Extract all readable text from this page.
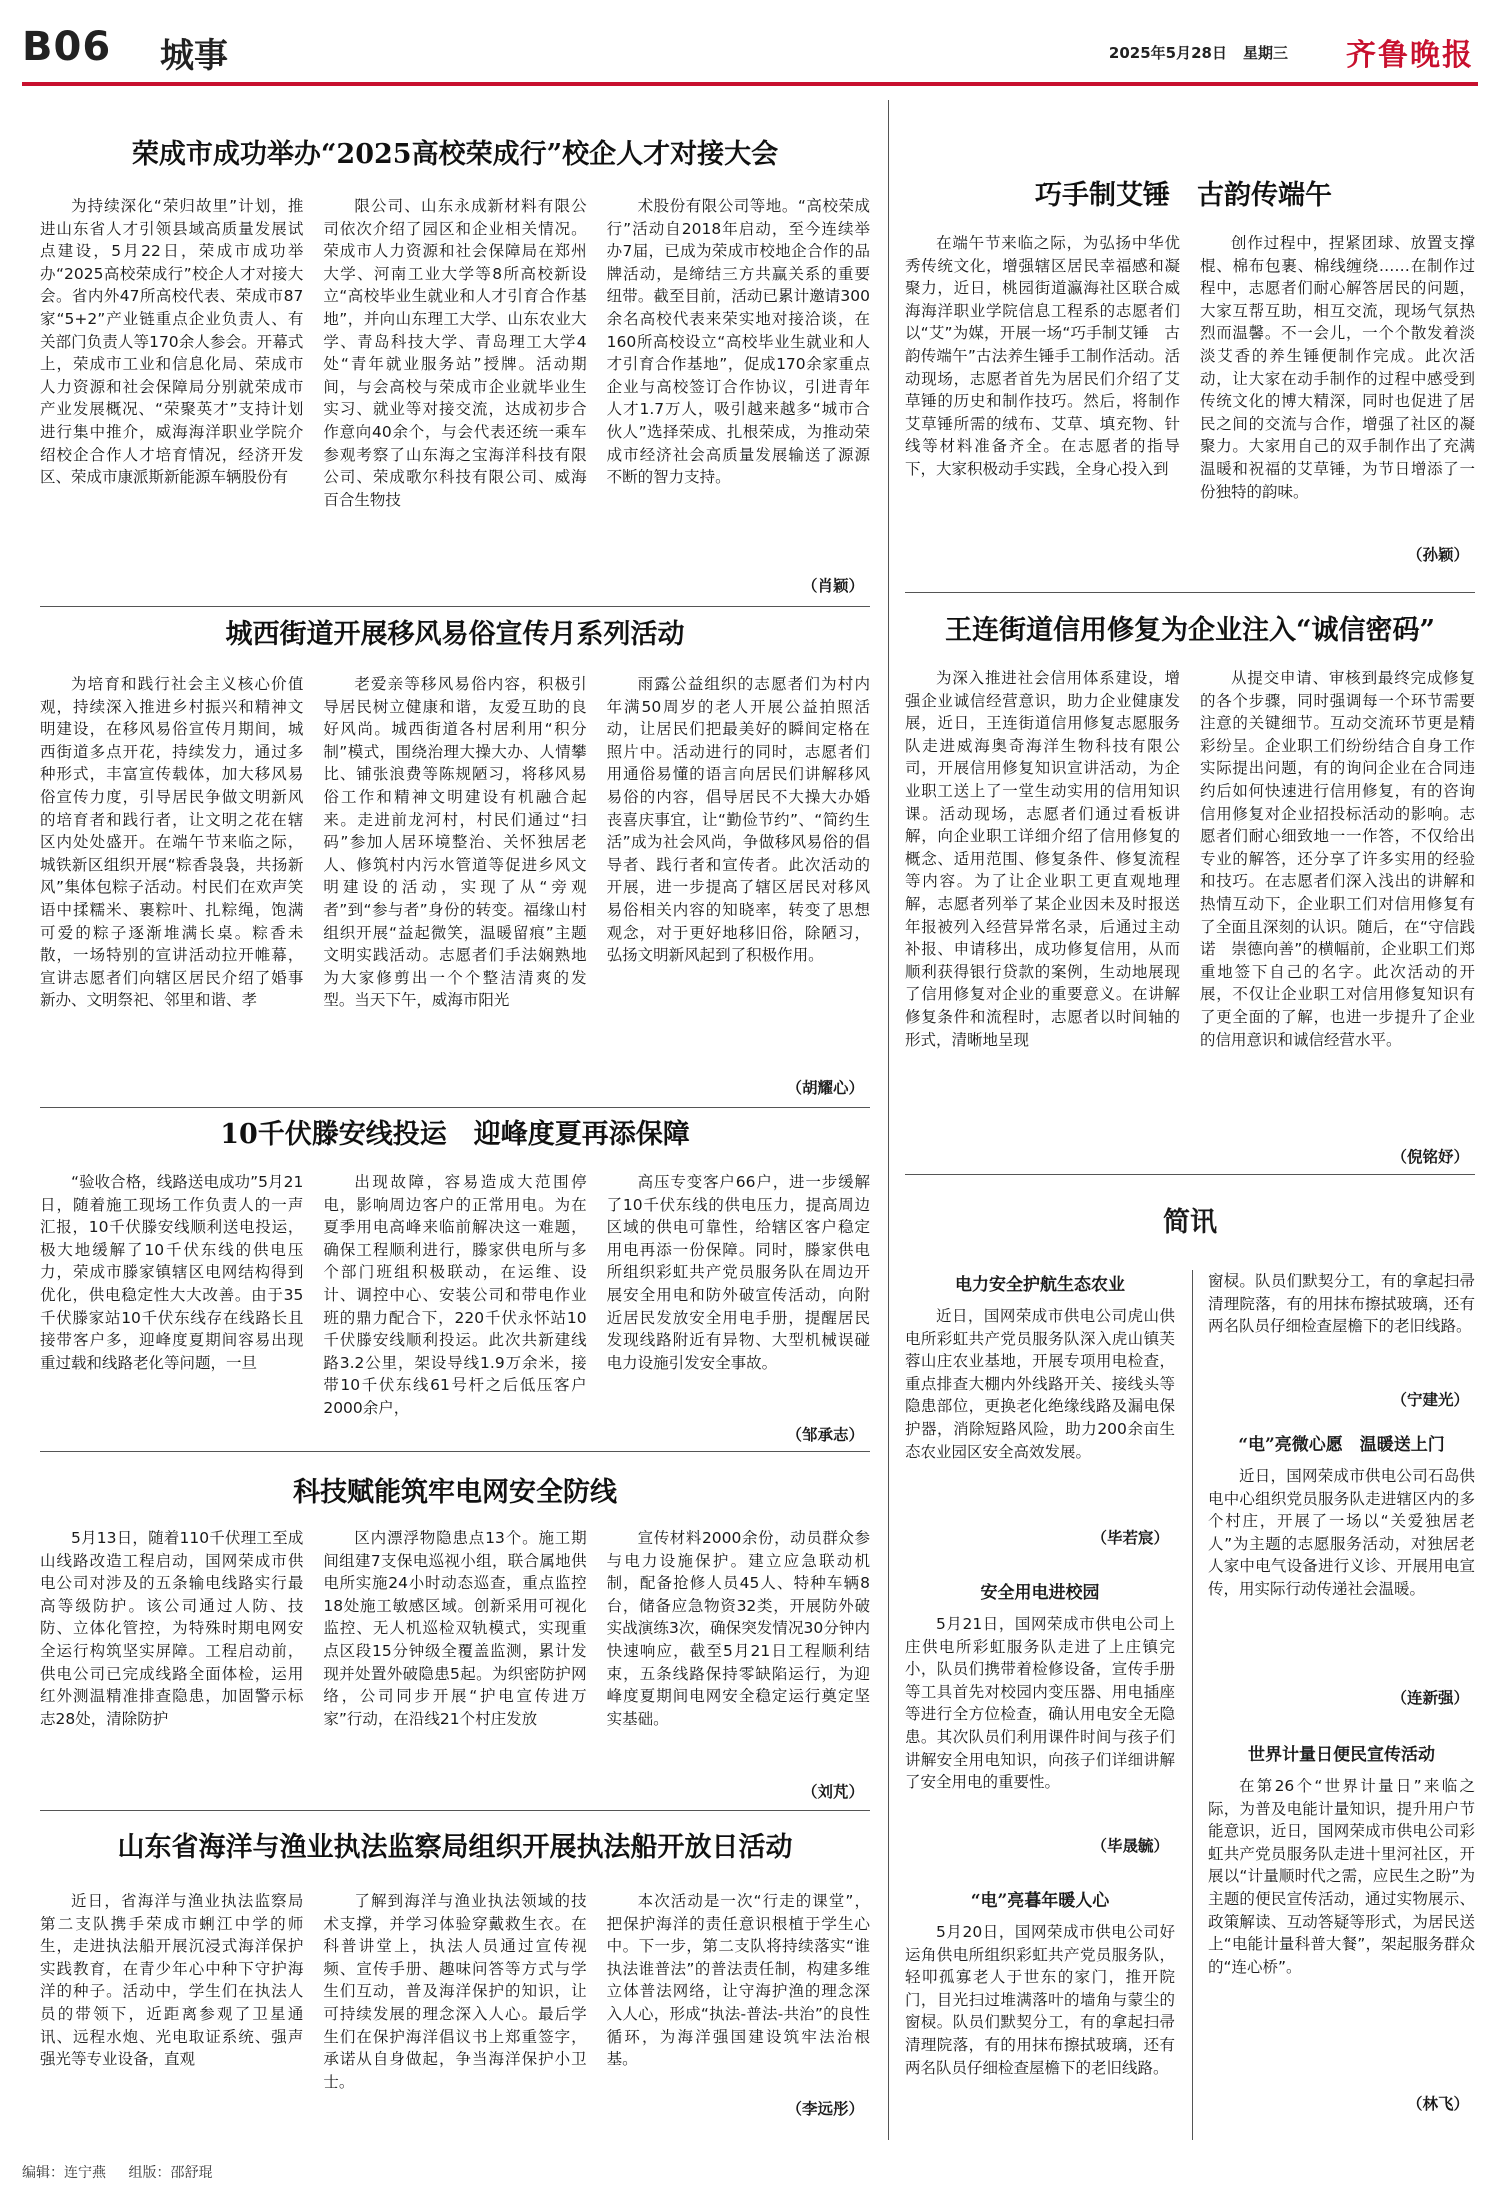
B06 城事	2025年5月28日 星期三 齐鲁晚报
荣成市成功举办“2025高校荣成行”校企人才对接大会

为持续深化“荣归故里”计划，推进山东省人才引领县域高质量发展试点建设，5月22日，荣成市成功举办“2025高校荣成行”校企人才对接大会。省内外47所高校代表、荣成市87家“5+2”产业链重点企业负责人、有关部门负责人等170余人参会。开幕式上，荣成市工业和信息化局、荣成市人力资源和社会保障局分别就荣成市产业发展概况、“荣聚英才”支持计划进行集中推介，威海海洋职业学院介绍校企合作人才培育情况，经济开发区、荣成市康派斯新能源车辆股份有

限公司、山东永成新材料有限公司依次介绍了园区和企业相关情况。荣成市人力资源和社会保障局在郑州大学、河南工业大学等8所高校新设立“高校毕业生就业和人才引育合作基地”，并向山东理工大学、山东农业大学、青岛科技大学、青岛理工大学4处“青年就业服务站”授牌。活动期间，与会高校与荣成市企业就毕业生实习、就业等对接交流，达成初步合作意向40余个，与会代表还统一乘车参观考察了山东海之宝海洋科技有限公司、荣成歌尔科技有限公司、威海百合生物技

术股份有限公司等地。“高校荣成行”活动自2018年启动，至今连续举办7届，已成为荣成市校地企合作的品牌活动，是缔结三方共赢关系的重要纽带。截至目前，活动已累计邀请300余名高校代表来荣实地对接洽谈，在160所高校设立“高校毕业生就业和人才引育合作基地”，促成170余家重点企业与高校签订合作协议，引进青年人才1.7万人，吸引越来越多“城市合伙人”选择荣成、扎根荣成，为推动荣成市经济社会高质量发展输送了源源不断的智力支持。

（肖颖）
城西街道开展移风易俗宣传月系列活动

为培育和践行社会主义核心价值观，持续深入推进乡村振兴和精神文明建设，在移风易俗宣传月期间，城西街道多点开花，持续发力，通过多种形式，丰富宣传载体，加大移风易俗宣传力度，引导居民争做文明新风的培育者和践行者，让文明之花在辖区内处处盛开。在端午节来临之际，城铁新区组织开展“粽香袅袅，共扬新风”集体包粽子活动。村民们在欢声笑语中揉糯米、裹粽叶、扎粽绳，饱满可爱的粽子逐渐堆满长桌。粽香未散，一场特别的宣讲活动拉开帷幕，宣讲志愿者们向辖区居民介绍了婚事新办、文明祭祀、邻里和谐、孝

老爱亲等移风易俗内容，积极引导居民树立健康和谐，友爱互助的良好风尚。城西街道各村居利用“积分制”模式，围绕治理大操大办、人情攀比、铺张浪费等陈规陋习，将移风易俗工作和精神文明建设有机融合起来。走进前龙河村，村民们通过“扫码”参加人居环境整治、关怀独居老人、修筑村内污水管道等促进乡风文明建设的活动，实现了从“旁观者”到“参与者”身份的转变。福缘山村组织开展“益起微笑，温暖留痕”主题文明实践活动。志愿者们手法娴熟地为大家修剪出一个个整洁清爽的发型。当天下午，威海市阳光

雨露公益组织的志愿者们为村内年满50周岁的老人开展公益拍照活动，让居民们把最美好的瞬间定格在照片中。活动进行的同时，志愿者们用通俗易懂的语言向居民们讲解移风易俗的内容，倡导居民不大操大办婚丧喜庆事宜，让“勤俭节约”、“简约生活”成为社会风尚，争做移风易俗的倡导者、践行者和宣传者。此次活动的开展，进一步提高了辖区居民对移风易俗相关内容的知晓率，转变了思想观念，对于更好地移旧俗，除陋习，弘扬文明新风起到了积极作用。

（胡耀心）
10千伏滕安线投运　迎峰度夏再添保障

“验收合格，线路送电成功”5月21日，随着施工现场工作负责人的一声汇报，10千伏滕安线顺利送电投运，极大地缓解了10千伏东线的供电压力，荣成市滕家镇辖区电网结构得到优化，供电稳定性大大改善。由于35千伏滕家站10千伏东线存在线路长且接带客户多，迎峰度夏期间容易出现重过载和线路老化等问题，一旦

出现故障，容易造成大范围停电，影响周边客户的正常用电。为在夏季用电高峰来临前解决这一难题，确保工程顺利进行，滕家供电所与多个部门班组积极联动，在运维、设计、调控中心、安装公司和带电作业班的鼎力配合下，220千伏永怀站10千伏滕安线顺利投运。此次共新建线路3.2公里，架设导线1.9万余米，接带10千伏东线61号杆之后低压客户2000余户，

高压专变客户66户，进一步缓解了10千伏东线的供电压力，提高周边区域的供电可靠性，给辖区客户稳定用电再添一份保障。同时，滕家供电所组织彩虹共产党员服务队在周边开展安全用电和防外破宣传活动，向附近居民发放安全用电手册，提醒居民发现线路附近有异物、大型机械误碰电力设施引发安全事故。

（邹承志）
科技赋能筑牢电网安全防线

5月13日，随着110千伏理工至成山线路改造工程启动，国网荣成市供电公司对涉及的五条输电线路实行最高等级防护。该公司通过人防、技防、立体化管控，为特殊时期电网安全运行构筑坚实屏障。工程启动前，供电公司已完成线路全面体检，运用红外测温精准排查隐患，加固警示标志28处，清除防护

区内漂浮物隐患点13个。施工期间组建7支保电巡视小组，联合属地供电所实施24小时动态巡查，重点监控18处施工敏感区域。创新采用可视化监控、无人机巡检双轨模式，实现重点区段15分钟级全覆盖监测，累计发现并处置外破隐患5起。为织密防护网络，公司同步开展“护电宣传进万家”行动，在沿线21个村庄发放

宣传材料2000余份，动员群众参与电力设施保护。建立应急联动机制，配备抢修人员45人、特种车辆8台，储备应急物资32类，开展防外破实战演练3次，确保突发情况30分钟内快速响应，截至5月21日工程顺利结束，五条线路保持零缺陷运行，为迎峰度夏期间电网安全稳定运行奠定坚实基础。

（刘芃）
山东省海洋与渔业执法监察局组织开展执法船开放日活动

近日，省海洋与渔业执法监察局第二支队携手荣成市蜊江中学的师生，走进执法船开展沉浸式海洋保护实践教育，在青少年心中种下守护海洋的种子。活动中，学生们在执法人员的带领下，近距离参观了卫星通讯、远程水炮、光电取证系统、强声强光等专业设备，直观

了解到海洋与渔业执法领域的技术支撑，并学习体验穿戴救生衣。在科普讲堂上，执法人员通过宣传视频、宣传手册、趣味问答等方式与学生们互动，普及海洋保护的知识，让可持续发展的理念深入人心。最后学生们在保护海洋倡议书上郑重签字，承诺从自身做起，争当海洋保护小卫士。

本次活动是一次“行走的课堂”，把保护海洋的责任意识根植于学生心中。下一步，第二支队将持续落实“谁执法谁普法”的普法责任制，构建多维立体普法网络，让守海护渔的理念深入人心，形成“执法-普法-共治”的良性循环，为海洋强国建设筑牢法治根基。

（李远彤）
巧手制艾锤　古韵传端午

在端午节来临之际，为弘扬中华优秀传统文化，增强辖区居民幸福感和凝聚力，近日，桃园街道瀛海社区联合威海海洋职业学院信息工程系的志愿者们以“艾”为媒，开展一场“巧手制艾锤　古韵传端午”古法养生锤手工制作活动。活动现场，志愿者首先为居民们介绍了艾草锤的历史和制作技巧。然后，将制作艾草锤所需的绒布、艾草、填充物、针线等材料准备齐全。在志愿者的指导下，大家积极动手实践，全身心投入到

创作过程中，捏紧团球、放置支撑棍、棉布包裹、棉线缠绕……在制作过程中，志愿者们耐心解答居民的问题，大家互帮互助，相互交流，现场气氛热烈而温馨。不一会儿，一个个散发着淡淡艾香的养生锤便制作完成。此次活动，让大家在动手制作的过程中感受到传统文化的博大精深，同时也促进了居民之间的交流与合作，增强了社区的凝聚力。大家用自己的双手制作出了充满温暖和祝福的艾草锤，为节日增添了一份独特的韵味。

（孙颖）
王连街道信用修复为企业注入“诚信密码”

为深入推进社会信用体系建设，增强企业诚信经营意识，助力企业健康发展，近日，王连街道信用修复志愿服务队走进威海奥奇海洋生物科技有限公司，开展信用修复知识宣讲活动，为企业职工送上了一堂生动实用的信用知识课。活动现场，志愿者们通过看板讲解，向企业职工详细介绍了信用修复的概念、适用范围、修复条件、修复流程等内容。为了让企业职工更直观地理解，志愿者列举了某企业因未及时报送年报被列入经营异常名录，后通过主动补报、申请移出，成功修复信用，从而顺利获得银行贷款的案例，生动地展现了信用修复对企业的重要意义。在讲解修复条件和流程时，志愿者以时间轴的形式，清晰地呈现

从提交申请、审核到最终完成修复的各个步骤，同时强调每一个环节需要注意的关键细节。互动交流环节更是精彩纷呈。企业职工们纷纷结合自身工作实际提出问题，有的询问企业在合同违约后如何快速进行信用修复，有的咨询信用修复对企业招投标活动的影响。志愿者们耐心细致地一一作答，不仅给出专业的解答，还分享了许多实用的经验和技巧。在志愿者们深入浅出的讲解和热情互动下，企业职工们对信用修复有了全面且深刻的认识。随后，在“守信践诺　崇德向善”的横幅前，企业职工们郑重地签下自己的名字。此次活动的开展，不仅让企业职工对信用修复知识有了更全面的了解，也进一步提升了企业的信用意识和诚信经营水平。

（倪铭妤）
简讯
电力安全护航生态农业

近日，国网荣成市供电公司虎山供电所彩虹共产党员服务队深入虎山镇芙蓉山庄农业基地，开展专项用电检查，重点排查大棚内外线路开关、接线头等隐患部位，更换老化绝缘线路及漏电保护器，消除短路风险，助力200余亩生态农业园区安全高效发展。

（毕若宸）
安全用电进校园

5月21日，国网荣成市供电公司上庄供电所彩虹服务队走进了上庄镇完小，队员们携带着检修设备，宣传手册等工具首先对校园内变压器、用电插座等进行全方位检查，确认用电安全无隐患。其次队员们利用课件时间与孩子们讲解安全用电知识，向孩子们详细讲解了安全用电的重要性。

（毕晟毓）
“电”亮暮年暖人心

5月20日，国网荣成市供电公司好运角供电所组织彩虹共产党员服务队，轻叩孤寡老人于世东的家门，推开院门，目光扫过堆满落叶的墙角与蒙尘的窗棂。队员们默契分工，有的拿起扫帚清理院落，有的用抹布擦拭玻璃，还有两名队员仔细检查屋檐下的老旧线路。

窗棂。队员们默契分工，有的拿起扫帚清理院落，有的用抹布擦拭玻璃，还有两名队员仔细检查屋檐下的老旧线路。

（宁建光）
“电”亮微心愿　温暖送上门

近日，国网荣成市供电公司石岛供电中心组织党员服务队走进辖区内的多个村庄，开展了一场以“关爱独居老人”为主题的志愿服务活动，对独居老人家中电气设备进行义诊、开展用电宣传，用实际行动传递社会温暖。

（连新强）
世界计量日便民宣传活动

在第26个“世界计量日”来临之际，为普及电能计量知识，提升用户节能意识，近日，国网荣成市供电公司彩虹共产党员服务队走进十里河社区，开展以“计量顺时代之需，应民生之盼”为主题的便民宣传活动，通过实物展示、政策解读、互动答疑等形式，为居民送上“电能计量科普大餐”，架起服务群众的“连心桥”。

（林飞）
编辑：连宁燕 组版：邵舒琨
